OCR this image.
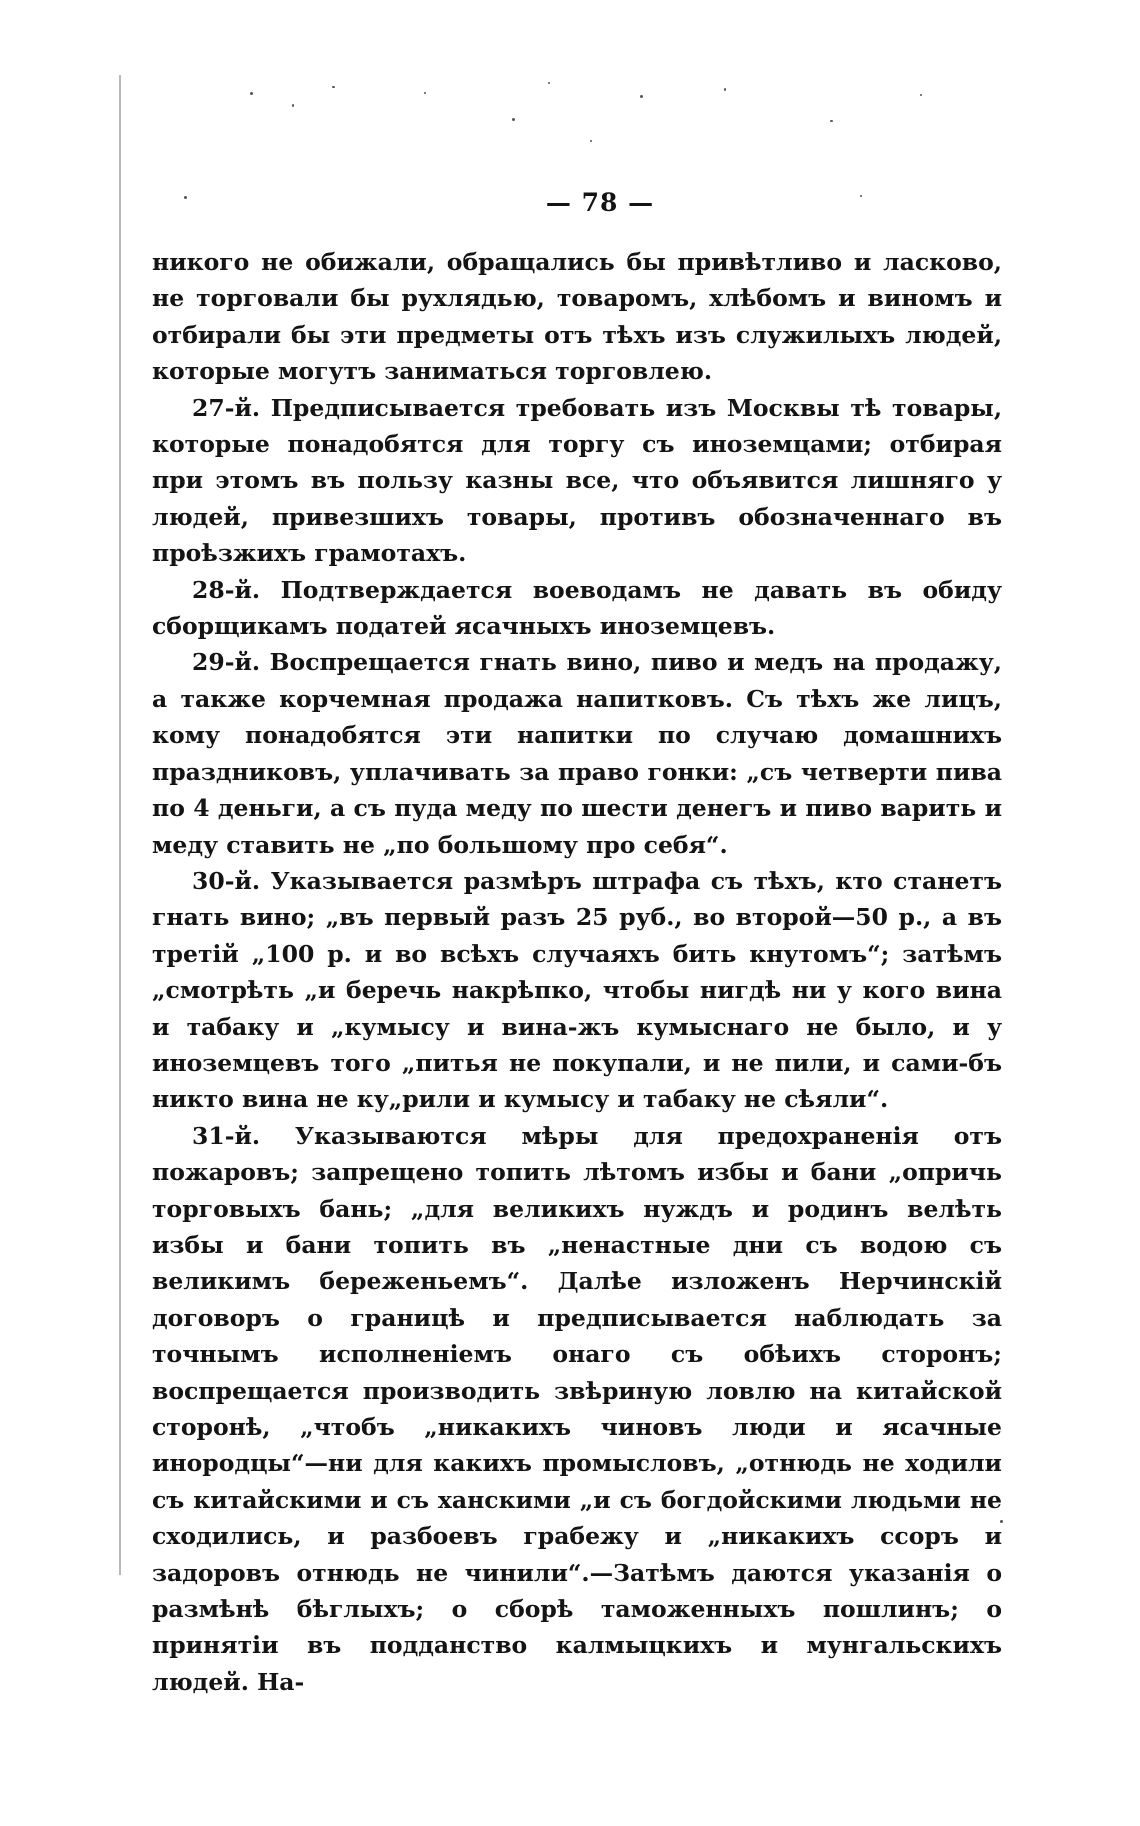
— 78 —

никого не обижали, обращались бы привѣтливо и ласково, не торговали бы рухлядью, товаромъ, хлѣбомъ и виномъ и отбирали бы эти предметы отъ тѣхъ изъ служилыхъ людей, которые могутъ заниматься торговлею.

27-й. Предписывается требовать изъ Москвы тѣ товары, которые понадобятся для торгу съ иноземцами; отбирая при этомъ въ пользу казны все, что объявится лишняго у людей, привезшихъ товары, противъ обозначеннаго въ проѣзжихъ грамотахъ.

28-й. Подтверждается воеводамъ не давать въ обиду сборщикамъ податей ясачныхъ иноземцевъ.

29-й. Воспрещается гнать вино, пиво и медъ на продажу, а также корчемная продажа напитковъ. Съ тѣхъ же лицъ, кому понадобятся эти напитки по случаю домашнихъ праздниковъ, уплачивать за право гонки: „съ четверти пива по 4 деньги, а съ пуда меду по шести денегъ и пиво варить и меду ставить не „по большому про себя“.

30-й. Указывается размѣръ штрафа съ тѣхъ, кто станетъ гнать вино; „въ первый разъ 25 руб., во второй—50 р., а въ третій „100 р. и во всѣхъ случаяхъ бить кнутомъ“; затѣмъ „смотрѣть „и беречь накрѣпко, чтобы нигдѣ ни у кого вина и табаку и „кумысу и вина-жъ кумыснаго не было, и у иноземцевъ того „питья не покупали, и не пили, и сами-бъ никто вина не ку„рили и кумысу и табаку не сѣяли“.

31-й. Указываются мѣры для предохраненія отъ пожаровъ; запрещено топить лѣтомъ избы и бани „опричь торговыхъ бань; „для великихъ нуждъ и родинъ велѣть избы и бани топить въ „ненастные дни съ водою съ великимъ береженьемъ“. Далѣе изложенъ Нерчинскій договоръ о границѣ и предписывается наблюдать за точнымъ исполненіемъ онаго съ обѣихъ сторонъ; воспрещается производить звѣриную ловлю на китайской сторонѣ, „чтобъ „никакихъ чиновъ люди и ясачные инородцы“—ни для какихъ промысловъ, „отнюдь не ходили съ китайскими и съ ханскими „и съ богдойскими людьми не сходились, и разбоевъ грабежу и „никакихъ ссоръ и задоровъ отнюдь не чинили“.—Затѣмъ даются указанія о размѣнѣ бѣглыхъ; о сборѣ таможенныхъ пошлинъ; о принятіи въ подданство калмыцкихъ и мунгальскихъ людей. На-
